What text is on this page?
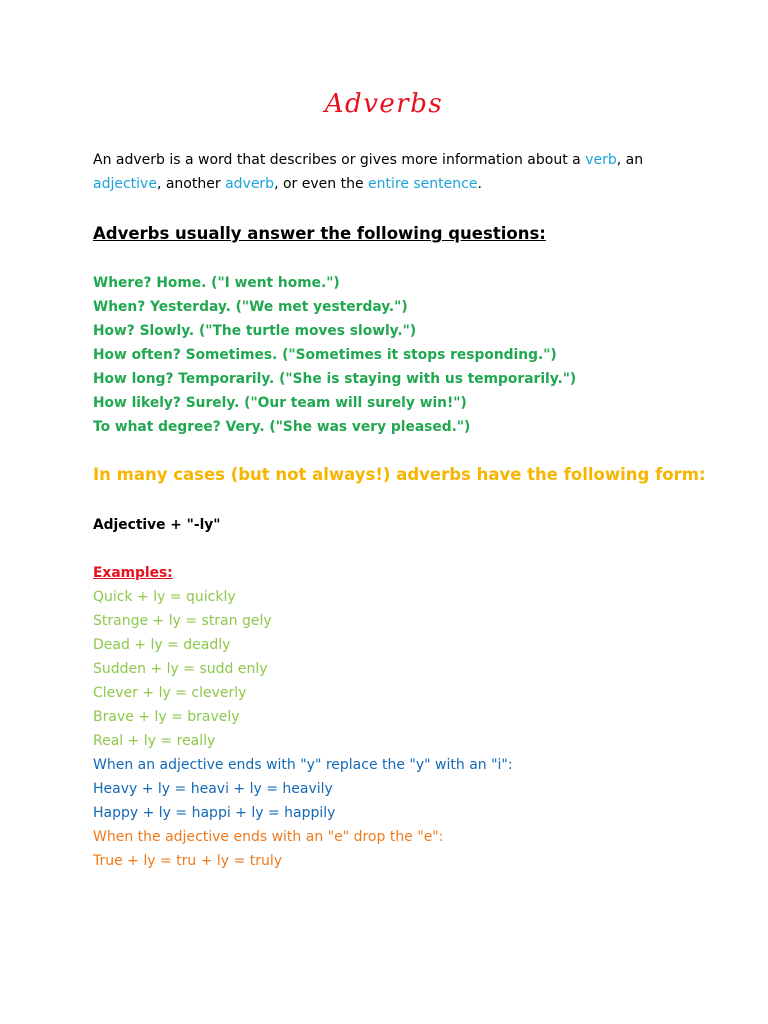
Adverbs
An adverb is a word that describes or gives more information about a verb, an adjective, another adverb, or even the entire sentence.
Adverbs usually answer the following questions:
Where? Home. ("I went home.")
When? Yesterday. ("We met yesterday.")
How? Slowly. ("The turtle moves slowly.")
How often? Sometimes. ("Sometimes it stops responding.")
How long? Temporarily. ("She is staying with us temporarily.")
How likely? Surely. ("Our team will surely win!")
To what degree? Very. ("She was very pleased.")
In many cases (but not always!) adverbs have the following form:
Adjective + "-ly"
Examples:
Quick + ly = quickly
Strange + ly = stran gely
Dead + ly = deadly
Sudden + ly = sudd enly
Clever + ly = cleverly
Brave + ly = bravely
Real + ly = really
When an adjective ends with "y" replace the "y" with an "i":
Heavy + ly = heavi + ly = heavily
Happy + ly = happi + ly = happily
When the adjective ends with an "e" drop the "e":
True + ly = tru + ly = truly
